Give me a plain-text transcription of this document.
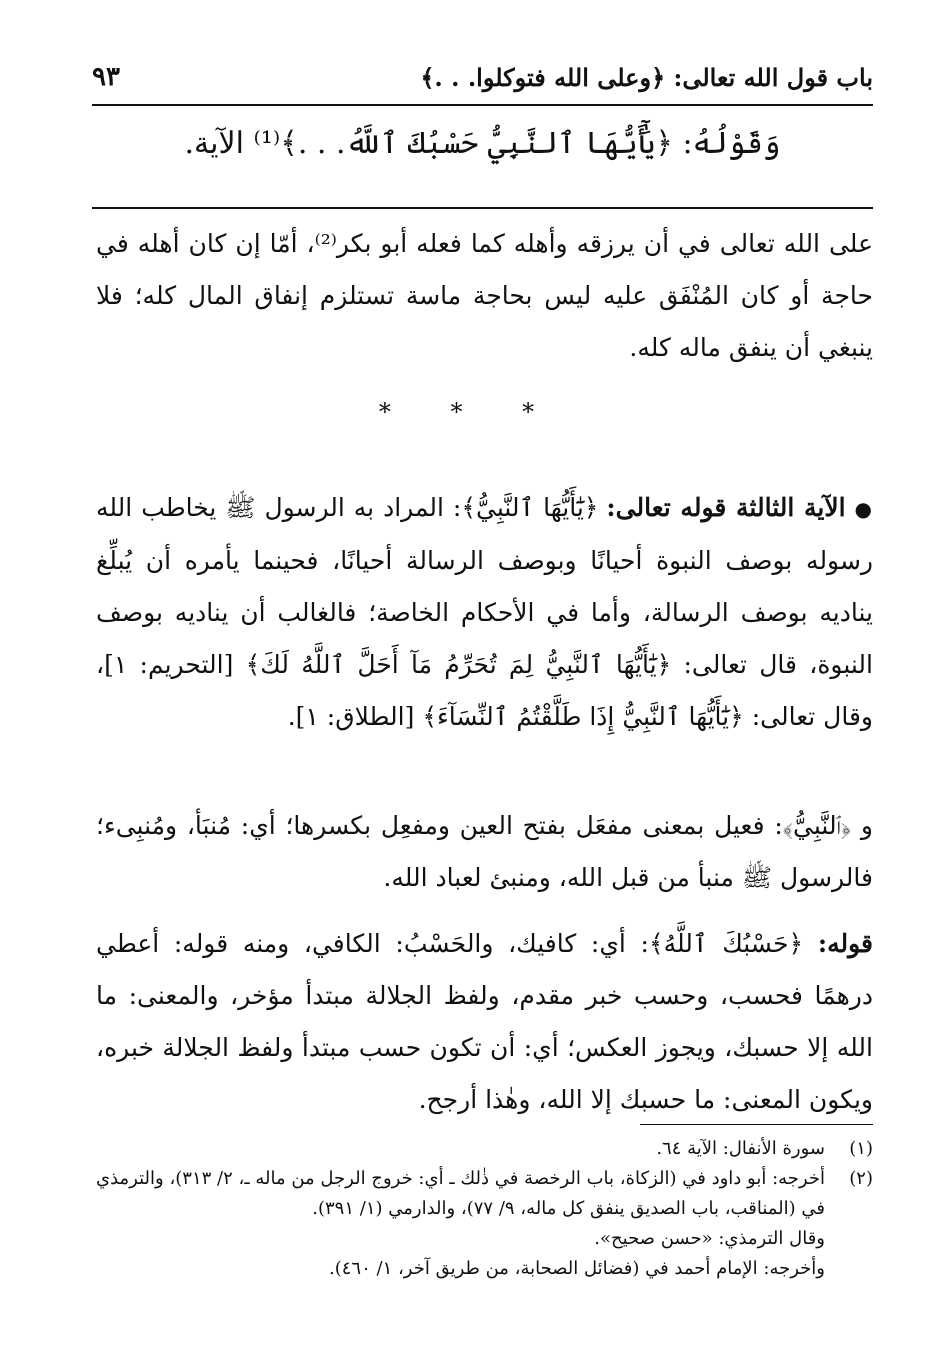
باب قول الله تعالى: ﴿وعلى الله فتوكلوا. . .﴾
٩٣
وَقَوْلُهُ: ﴿يَٰٓأَيُّهَا ٱلنَّبِيُّ حَسْبُكَ ٱللَّهُ. . .﴾⁽¹⁾ الآية.
على الله تعالى في أن يرزقه وأهله كما فعله أبو بكر⁽²⁾، أمّا إن كان أهله في حاجة أو كان المُنْفَق عليه ليس بحاجة ماسة تستلزم إنفاق المال كله؛ فلا ينبغي أن ينفق ماله كله.
* * *
● الآية الثالثة قوله تعالى: ﴿يَٰٓأَيُّهَا ٱلنَّبِيُّ﴾: المراد به الرسول ﷺ يخاطب الله رسوله بوصف النبوة أحيانًا وبوصف الرسالة أحيانًا، فحينما يأمره أن يُبلِّغ يناديه بوصف الرسالة، وأما في الأحكام الخاصة؛ فالغالب أن يناديه بوصف النبوة، قال تعالى: ﴿يَٰٓأَيُّهَا ٱلنَّبِيُّ لِمَ تُحَرِّمُ مَآ أَحَلَّ ٱللَّهُ لَكَ﴾ [التحريم: ١]، وقال تعالى: ﴿يَٰٓأَيُّهَا ٱلنَّبِيُّ إِذَا طَلَّقْتُمُ ٱلنِّسَآءَ﴾ [الطلاق: ١].
و ﴿ٱلنَّبِيُّ﴾: فعيل بمعنى مفعَل بفتح العين ومفعِل بكسرها؛ أي: مُنبَأ، ومُنبِىء؛ فالرسول ﷺ منبأ من قبل الله، ومنبئ لعباد الله.
قوله: ﴿حَسْبُكَ ٱللَّهُ﴾: أي: كافيك، والحَسْبُ: الكافي، ومنه قوله: أعطي درهمًا فحسب، وحسب خبر مقدم، ولفظ الجلالة مبتدأ مؤخر، والمعنى: ما الله إلا حسبك، ويجوز العكس؛ أي: أن تكون حسب مبتدأ ولفظ الجلالة خبره، ويكون المعنى: ما حسبك إلا الله، وهٰذا أرجح.
(١)
سورة الأنفال: الآية ٦٤.
(٢)
أخرجه: أبو داود في (الزكاة، باب الرخصة في ذٰلك ـ أي: خروج الرجل من ماله ـ، ٢/ ٣١٣)، والترمذي في (المناقب، باب الصديق ينفق كل ماله، ٩/ ٧٧)، والدارمي (١/ ٣٩١).
وقال الترمذي: «حسن صحيح».
وأخرجه: الإمام أحمد في (فضائل الصحابة، من طريق آخر، ١/ ٤٦٠).
